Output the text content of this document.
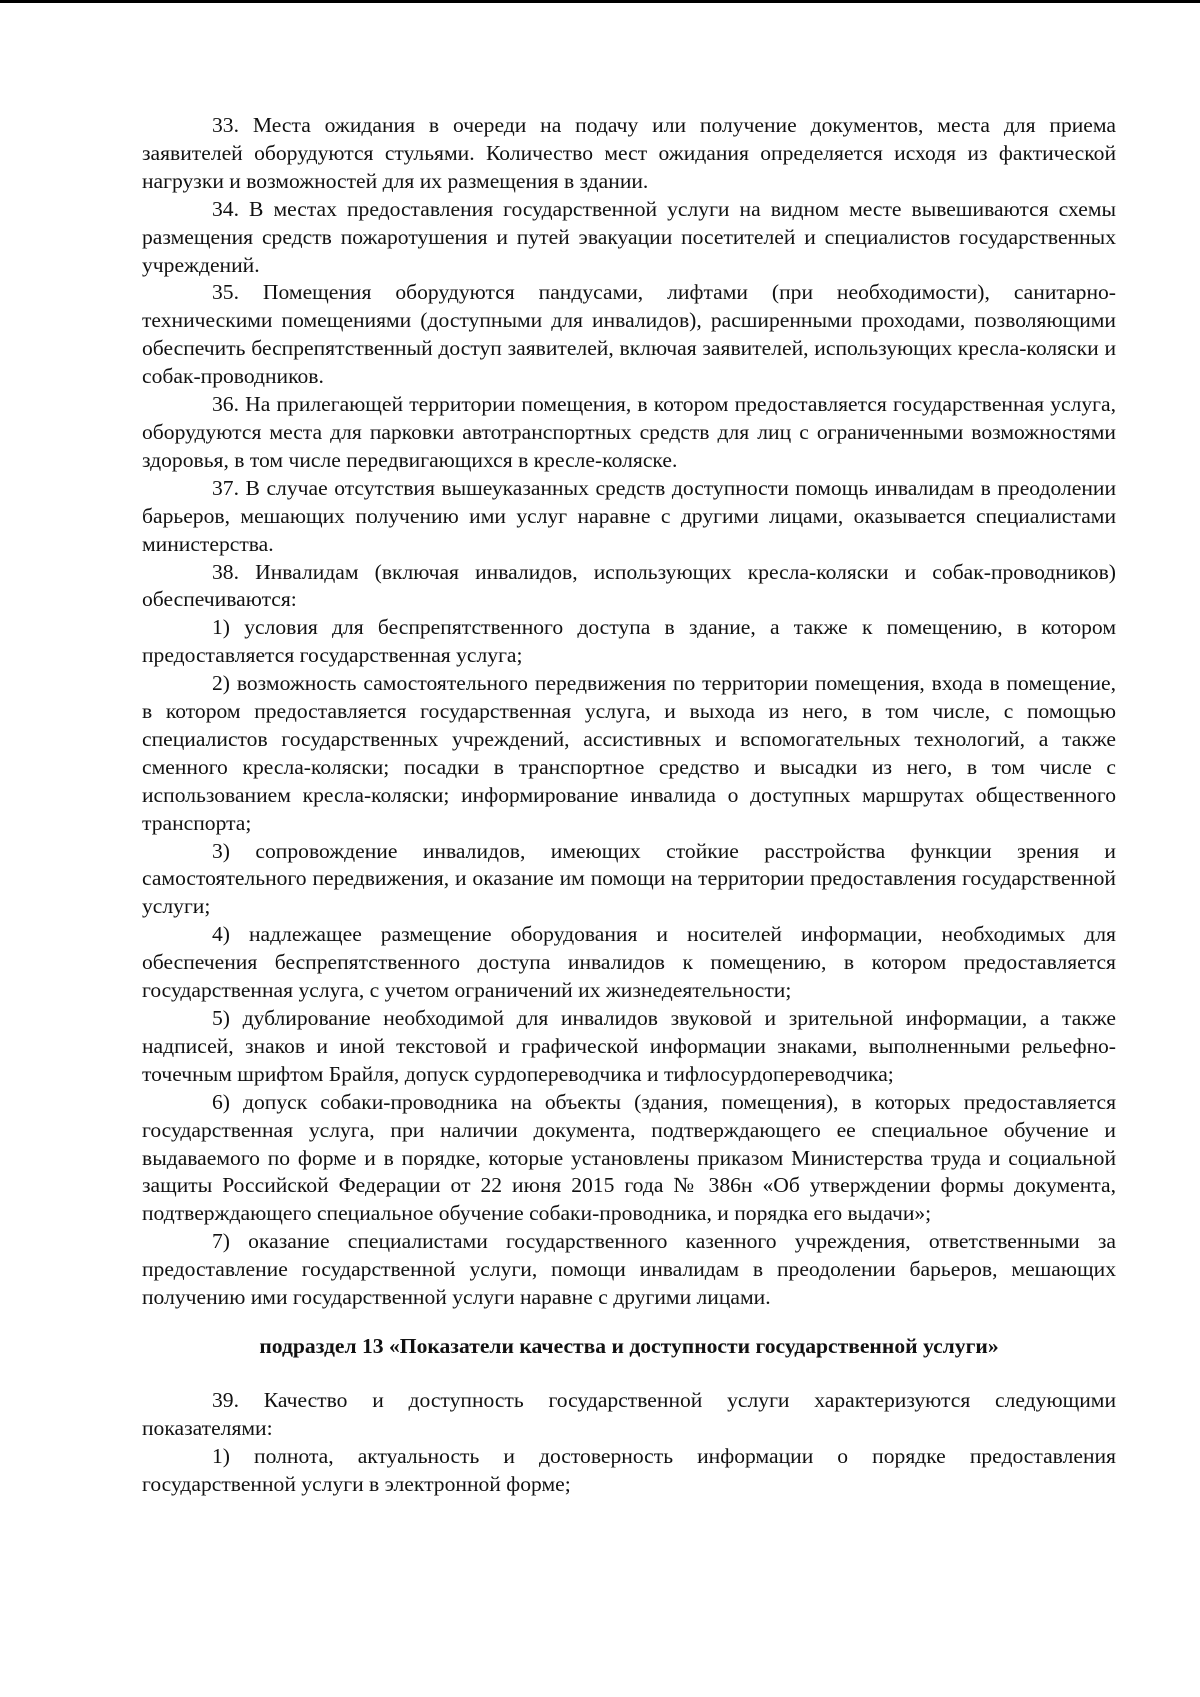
33. Места ожидания в очереди на подачу или получение документов, места для приема заявителей оборудуются стульями. Количество мест ожидания определяется исходя из фактической нагрузки и возможностей для их размещения в здании.

34. В местах предоставления государственной услуги на видном месте вывешиваются схемы размещения средств пожаротушения и путей эвакуации посетителей и специалистов государственных учреждений.

35. Помещения оборудуются пандусами, лифтами (при необходимости), санитарно-техническими помещениями (доступными для инвалидов), расширенными проходами, позволяющими обеспечить беспрепятственный доступ заявителей, включая заявителей, использующих кресла-коляски и собак-проводников.

36. На прилегающей территории помещения, в котором предоставляется государственная услуга, оборудуются места для парковки автотранспортных средств для лиц с ограниченными возможностями здоровья, в том числе передвигающихся в кресле-коляске.

37. В случае отсутствия вышеуказанных средств доступности помощь инвалидам в преодолении барьеров, мешающих получению ими услуг наравне с другими лицами, оказывается специалистами министерства.

38. Инвалидам (включая инвалидов, использующих кресла-коляски и собак-проводников) обеспечиваются:

1) условия для беспрепятственного доступа в здание, а также к помещению, в котором предоставляется государственная услуга;

2) возможность самостоятельного передвижения по территории помещения, входа в помещение, в котором предоставляется государственная услуга, и выхода из него, в том числе, с помощью специалистов государственных учреждений, ассистивных и вспомогательных технологий, а также сменного кресла-коляски; посадки в транспортное средство и высадки из него, в том числе с использованием кресла-коляски; информирование инвалида о доступных маршрутах общественного транспорта;

3) сопровождение инвалидов, имеющих стойкие расстройства функции зрения и самостоятельного передвижения, и оказание им помощи на территории предоставления государственной услуги;

4) надлежащее размещение оборудования и носителей информации, необходимых для обеспечения беспрепятственного доступа инвалидов к помещению, в котором предоставляется государственная услуга, с учетом ограничений их жизнедеятельности;

5) дублирование необходимой для инвалидов звуковой и зрительной информации, а также надписей, знаков и иной текстовой и графической информации знаками, выполненными рельефно-точечным шрифтом Брайля, допуск сурдопереводчика и тифлосурдопереводчика;

6) допуск собаки-проводника на объекты (здания, помещения), в которых предоставляется государственная услуга, при наличии документа, подтверждающего ее специальное обучение и выдаваемого по форме и в порядке, которые установлены приказом Министерства труда и социальной защиты Российской Федерации от 22 июня 2015 года № 386н «Об утверждении формы документа, подтверждающего специальное обучение собаки-проводника, и порядка его выдачи»;

7) оказание специалистами государственного казенного учреждения, ответственными за предоставление государственной услуги, помощи инвалидам в преодолении барьеров, мешающих получению ими государственной услуги наравне с другими лицами.

подраздел 13 «Показатели качества и доступности государственной услуги»

39. Качество и доступность государственной услуги характеризуются следующими показателями:

1) полнота, актуальность и достоверность информации о порядке предоставления государственной услуги в электронной форме;
